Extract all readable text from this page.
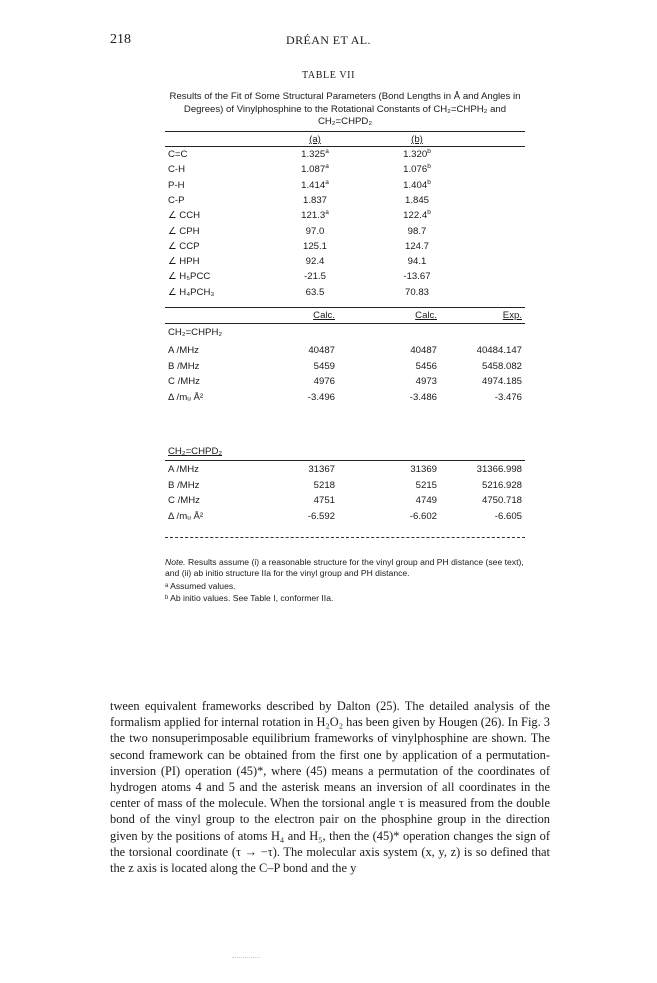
218	DRÉAN ET AL.
TABLE VII
Results of the Fit of Some Structural Parameters (Bond Lengths in Å and Angles in Degrees) of Vinylphosphine to the Rotational Constants of CH₂=CHPH₂ and CH₂=CHPD₂
(a)	(b)
C=C	1.325$^a$	1.320$^b$
C-H	1.087$^a$	1.076$^b$
P-H	1.414$^a$	1.404$^b$
C-P	1.837	1.845
∠ CCH	121.3$^a$	122.4$^b$
∠ CPH	97.0	98.7
∠ CCP	125.1	124.7
∠ HPH	92.4	94.1
∠ H₅PCC	-21.5	-13.67
∠ H₄PCH₃	63.5	70.83
Calc.	Calc.	Exp.
CH₂=CHPH₂
A /MHz	40487	40487	40484.147
B /MHz	5459	5456	5458.082
C /MHz	4976	4973	4974.185
Δ /mᵤ Å²	-3.496	-3.486	-3.476
CH₂=CHPD₂
A /MHz	31367	31369	31366.998
B /MHz	5218	5215	5216.928
C /MHz	4751	4749	4750.718
Δ /mᵤ Å²	-6.592	-6.602	-6.605
Note. Results assume (i) a reasonable structure for the vinyl group and PH distance (see text), and (ii) ab initio structure IIa for the vinyl group and PH distance.
ᵃ Assumed values.
ᵇ Ab initio values. See Table I, conformer IIa.
tween equivalent frameworks described by Dalton (25). The detailed analysis of the formalism applied for internal rotation in H₂O₂ has been given by Hougen (26). In Fig. 3 the two nonsuperimposable equilibrium frameworks of vinylphosphine are shown. The second framework can be obtained from the first one by application of a permutation-inversion (PI) operation (45)*, where (45) means a permutation of the coordinates of hydrogen atoms 4 and 5 and the asterisk means an inversion of all coordinates in the center of mass of the molecule. When the torsional angle τ is measured from the double bond of the vinyl group to the electron pair on the phosphine group in the direction given by the positions of atoms H₄ and H₅, then the (45)* operation changes the sign of the torsional coordinate (τ → −τ). The molecular axis system (x, y, z) is so defined that the z axis is located along the C–P bond and the y
